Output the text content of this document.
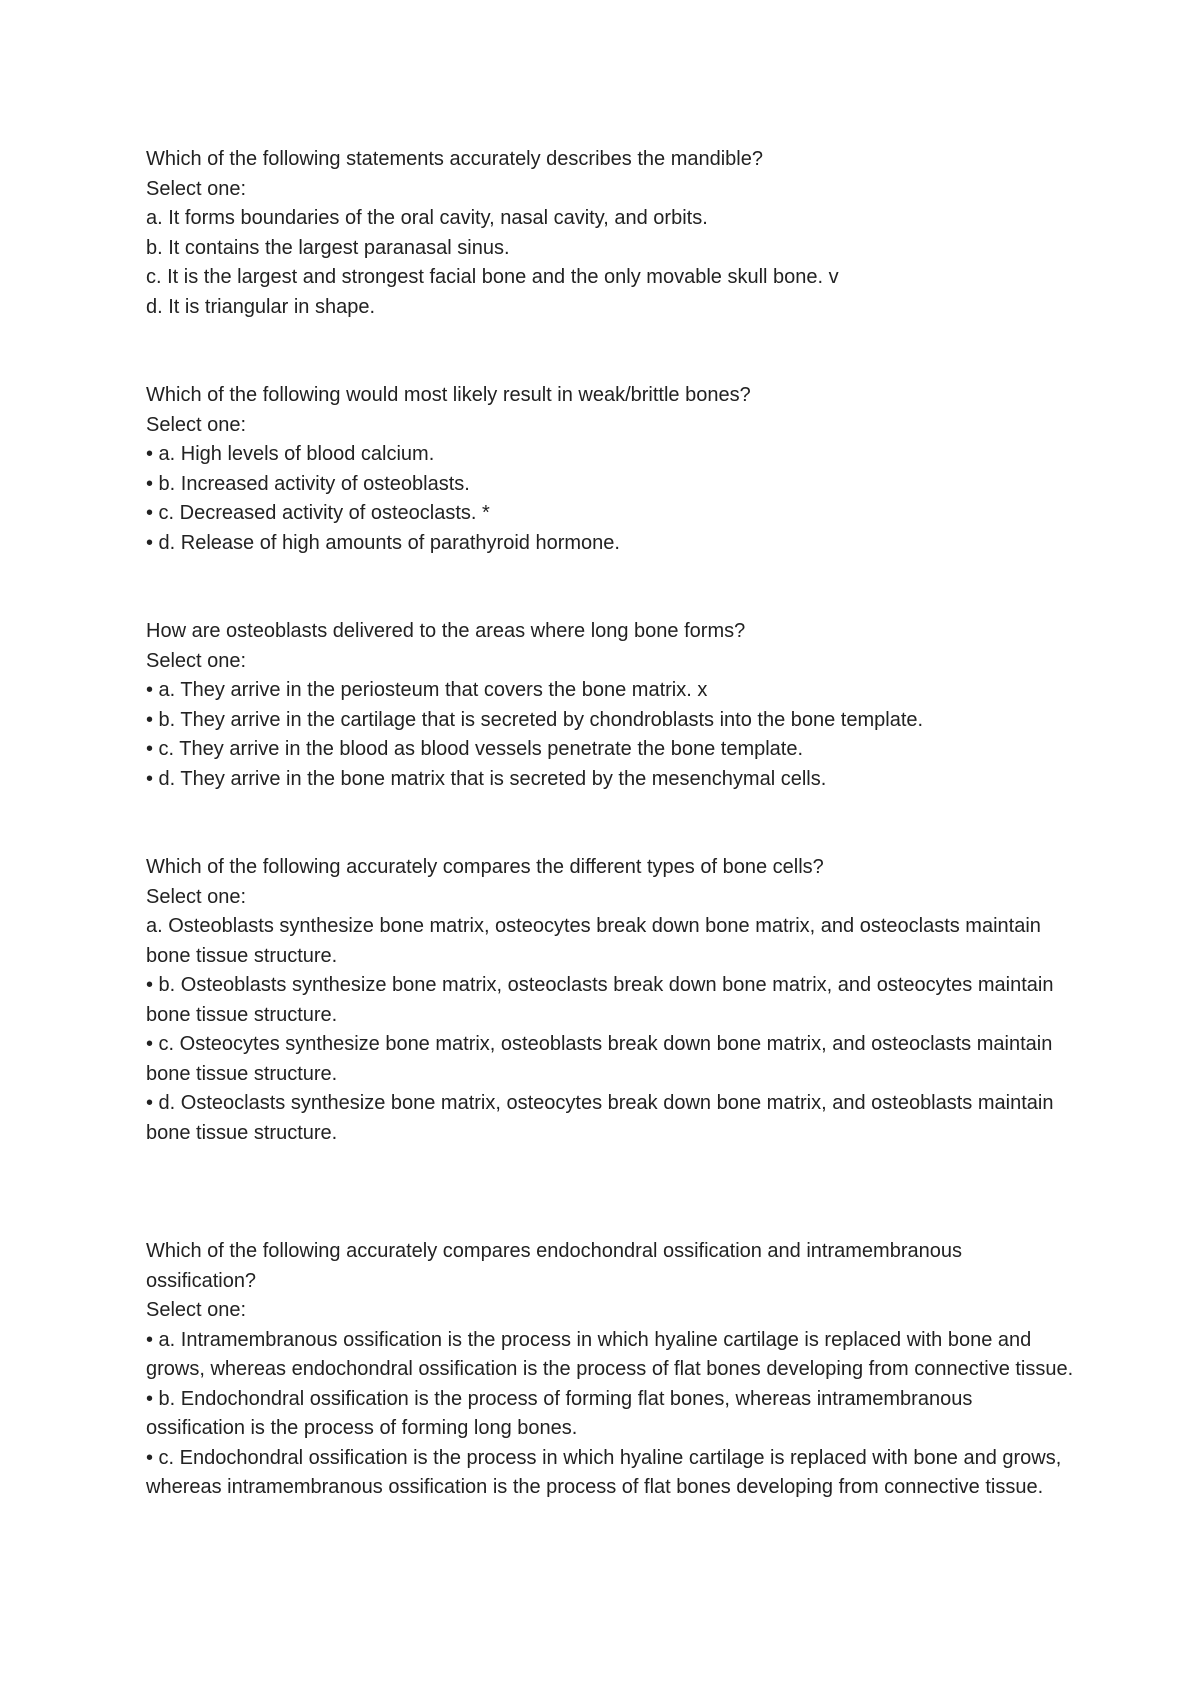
Which of the following statements accurately describes the mandible?
Select one:
a. It forms boundaries of the oral cavity, nasal cavity, and orbits.
b. It contains the largest paranasal sinus.
c. It is the largest and strongest facial bone and the only movable skull bone. v
d. It is triangular in shape.
Which of the following would most likely result in weak/brittle bones?
Select one:
• a. High levels of blood calcium.
• b. Increased activity of osteoblasts.
• c. Decreased activity of osteoclasts. *
• d. Release of high amounts of parathyroid hormone.
How are osteoblasts delivered to the areas where long bone forms?
Select one:
• a. They arrive in the periosteum that covers the bone matrix. x
• b. They arrive in the cartilage that is secreted by chondroblasts into the bone template.
• c. They arrive in the blood as blood vessels penetrate the bone template.
• d. They arrive in the bone matrix that is secreted by the mesenchymal cells.
Which of the following accurately compares the different types of bone cells?
Select one:
a. Osteoblasts synthesize bone matrix, osteocytes break down bone matrix, and osteoclasts maintain bone tissue structure.
• b. Osteoblasts synthesize bone matrix, osteoclasts break down bone matrix, and osteocytes maintain bone tissue structure.
• c. Osteocytes synthesize bone matrix, osteoblasts break down bone matrix, and osteoclasts maintain bone tissue structure.
• d. Osteoclasts synthesize bone matrix, osteocytes break down bone matrix, and osteoblasts maintain bone tissue structure.
Which of the following accurately compares endochondral ossification and intramembranous ossification?
Select one:
• a. Intramembranous ossification is the process in which hyaline cartilage is replaced with bone and grows, whereas endochondral ossification is the process of flat bones developing from connective tissue.
• b. Endochondral ossification is the process of forming flat bones, whereas intramembranous ossification is the process of forming long bones.
• c. Endochondral ossification is the process in which hyaline cartilage is replaced with bone and grows, whereas intramembranous ossification is the process of flat bones developing from connective tissue.
